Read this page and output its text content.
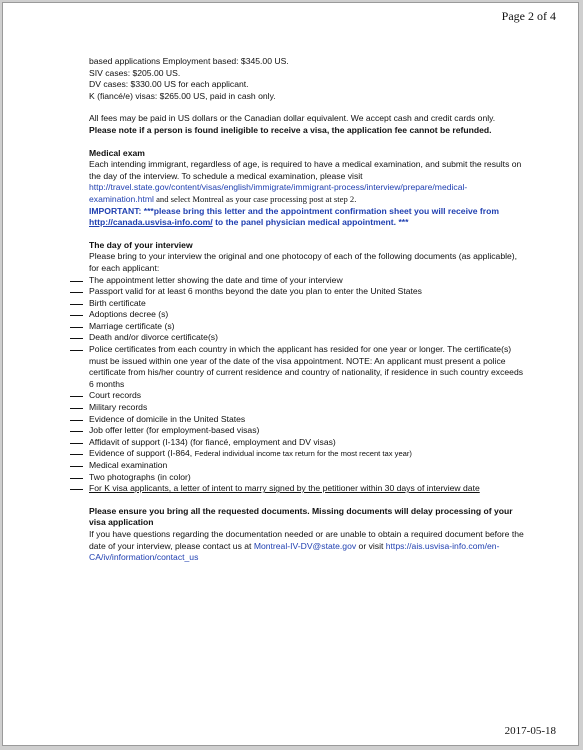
Page 2 of 4

based applications Employment based: $345.00 US.

SIV cases: $205.00 US.

DV cases: $330.00 US for each applicant.

K (fiancé/e) visas: $265.00 US, paid in cash only.

All fees may be paid in US dollars or the Canadian dollar equivalent. We accept cash and credit cards only.

Please note if a person is found ineligible to receive a visa, the application fee cannot be refunded.

Medical exam

Each intending immigrant, regardless of age, is required to have a medical examination, and submit the results on the day of the interview. To schedule a medical examination, please visit http://travel.state.gov/content/visas/english/immigrate/immigrant-process/interview/prepare/medical-examination.html and select Montreal as your case processing post at step 2.

IMPORTANT: ***please bring this letter and the appointment confirmation sheet you will receive from http://canada.usvisa-info.com/ to the panel physician medical appointment. ***

The day of your interview

Please bring to your interview the original and one photocopy of each of the following documents (as applicable), for each applicant:

The appointment letter showing the date and time of your interview

Passport valid for at least 6 months beyond the date you plan to enter the United States

Birth certificate

Adoptions decree (s)

Marriage certificate (s)

Death and/or divorce certificate(s)

Police certificates from each country in which the applicant has resided for one year or longer. The certificate(s) must be issued within one year of the date of the visa appointment. NOTE: An applicant must present a police certificate from his/her country of current residence and country of nationality, if residence in such country exceeds 6 months

Court records

Military records

Evidence of domicile in the United States

Job offer letter (for employment-based visas)

Affidavit of support (I-134) (for fiancé, employment and DV visas)

Evidence of support (I-864, Federal individual income tax return for the most recent tax year)

Medical examination

Two photographs (in color)

For K visa applicants, a letter of intent to marry signed by the petitioner within 30 days of interview date

Please ensure you bring all the requested documents. Missing documents will delay processing of your visa application

If you have questions regarding the documentation needed or are unable to obtain a required document before the date of your interview, please contact us at Montreal-IV-DV@state.gov or visit https://ais.usvisa-info.com/en-CA/iv/information/contact_us

2017-05-18
